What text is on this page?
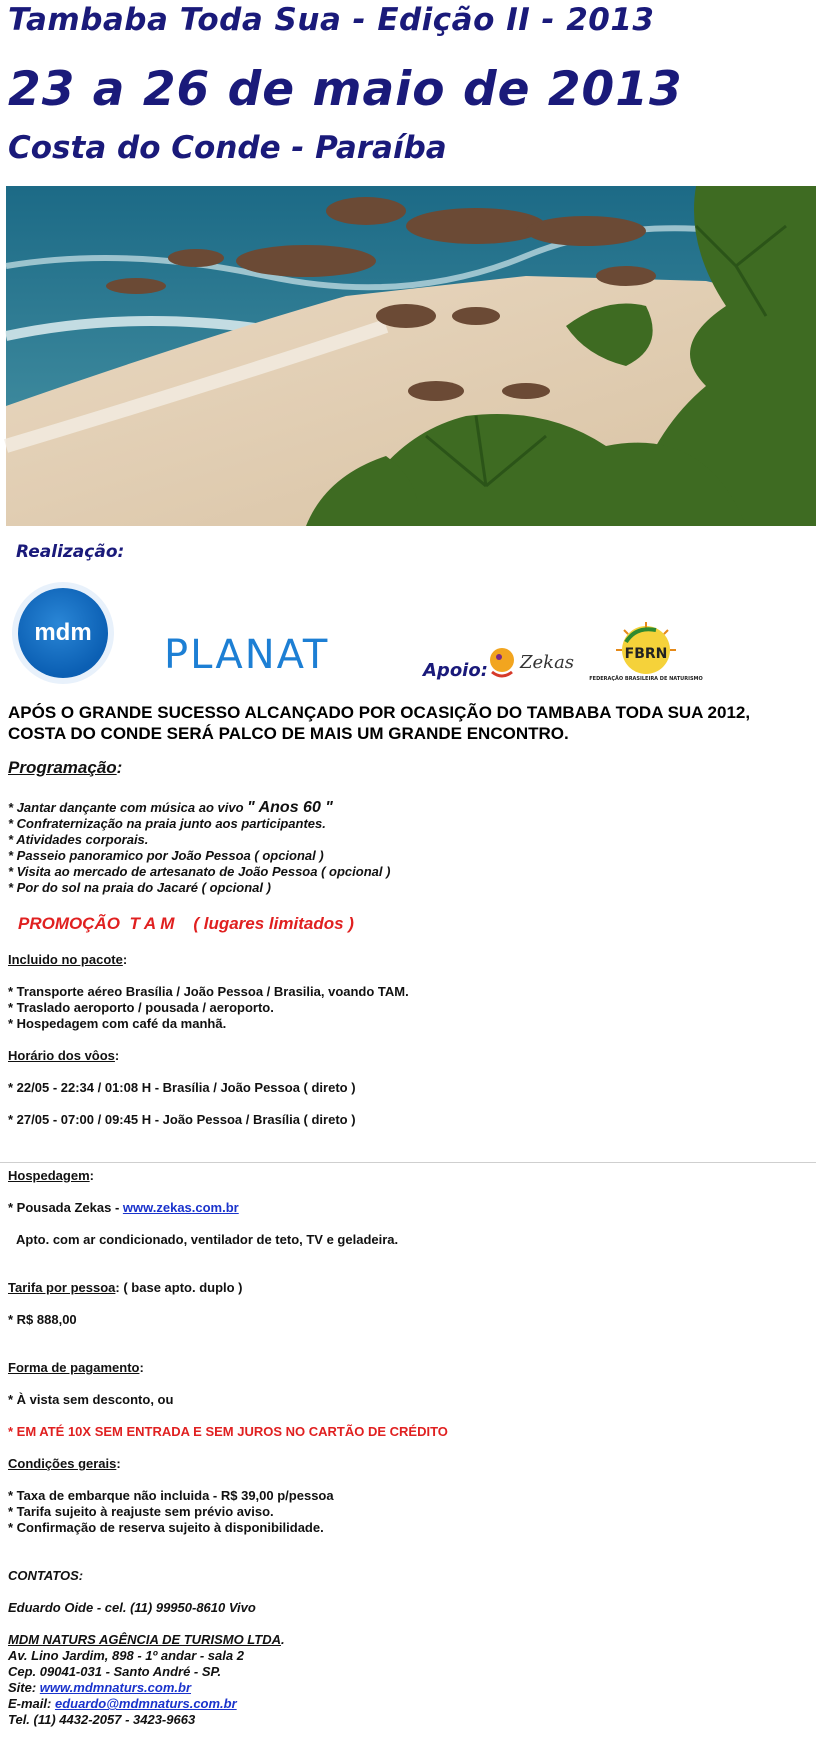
Tambaba Toda Sua - Edição II - 2013
23 a 26 de maio de 2013
Costa do Conde - Paraíba
Realização:
mdm PLANAT	Apoio: Zekas	FBRN
FEDERAÇÃO BRASILEIRA DE NATURISMO
APÓS O GRANDE SUCESSO ALCANÇADO POR OCASIÇÃO DO TAMBABA TODA SUA 2012,
COSTA DO CONDE SERÁ PALCO DE MAIS UM GRANDE ENCONTRO.
Programação:
* Jantar dançante com música ao vivo " Anos 60 "
* Confraternização na praia junto aos participantes.
* Atividades corporais.
* Passeio panoramico por João Pessoa ( opcional )
* Visita ao mercado de artesanato de João Pessoa ( opcional )
* Por do sol na praia do Jacaré ( opcional )
PROMOÇÃO  T A M    ( lugares limitados )
Incluido no pacote:
* Transporte aéreo Brasília / João Pessoa / Brasilia, voando TAM.
* Traslado aeroporto / pousada / aeroporto.
* Hospedagem com café da manhã.
Horário dos vôos:
* 22/05 - 22:34 / 01:08 H - Brasília / João Pessoa ( direto )
* 27/05 - 07:00 / 09:45 H - João Pessoa / Brasília ( direto )
Hospedagem:
* Pousada Zekas - www.zekas.com.br
Apto. com ar condicionado, ventilador de teto, TV e geladeira.
Tarifa por pessoa: ( base apto. duplo )
* R$ 888,00
Forma de pagamento:
* À vista sem desconto, ou
* EM ATÉ 10X SEM ENTRADA E SEM JUROS NO CARTÃO DE CRÉDITO
Condições gerais:
* Taxa de embarque não incluida - R$ 39,00 p/pessoa
* Tarifa sujeito à reajuste sem prévio aviso.
* Confirmação de reserva sujeito à disponibilidade.
CONTATOS:
Eduardo Oide - cel. (11) 99950-8610 Vivo
MDM NATURS AGÊNCIA DE TURISMO LTDA.
Av. Lino Jardim, 898 - 1º andar - sala 2
Cep. 09041-031 - Santo André - SP.
Site: www.mdmnaturs.com.br
E-mail: eduardo@mdmnaturs.com.br
Tel. (11) 4432-2057 - 3423-9663
